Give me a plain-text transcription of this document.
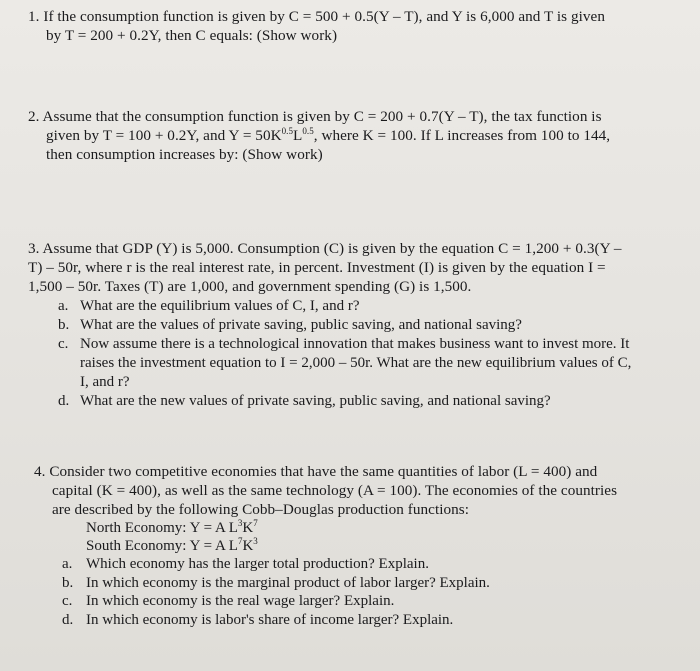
1. If the consumption function is given by C = 500 + 0.5(Y – T), and Y is 6,000 and T is given
by T = 200 + 0.2Y, then C equals: (Show work)
2. Assume that the consumption function is given by C = 200 + 0.7(Y – T), the tax function is
given by T = 100 + 0.2Y, and $Y = 50K^{0.5}L^{0.5}$, where K = 100. If L increases from 100 to 144,
then consumption increases by: (Show work)
3. Assume that GDP (Y) is 5,000. Consumption (C) is given by the equation C = 1,200 + 0.3(Y –
T) – 50r, where r is the real interest rate, in percent. Investment (I) is given by the equation I =
1,500 – 50r. Taxes (T) are 1,000, and government spending (G) is 1,500.
a. What are the equilibrium values of C, I, and r?
b. What are the values of private saving, public saving, and national saving?
c. Now assume there is a technological innovation that makes business want to invest more. It
raises the investment equation to I = 2,000 – 50r. What are the new equilibrium values of C,
I, and r?
d. What are the new values of private saving, public saving, and national saving?
4. Consider two competitive economies that have the same quantities of labor (L = 400) and
capital (K = 400), as well as the same technology (A = 100). The economies of the countries
are described by the following Cobb–Douglas production functions:
North Economy: Y = A $L^3K^7$
South Economy: Y = A $L^7K^3$
a. Which economy has the larger total production? Explain.
b. In which economy is the marginal product of labor larger? Explain.
c. In which economy is the real wage larger? Explain.
d. In which economy is labor's share of income larger? Explain.
